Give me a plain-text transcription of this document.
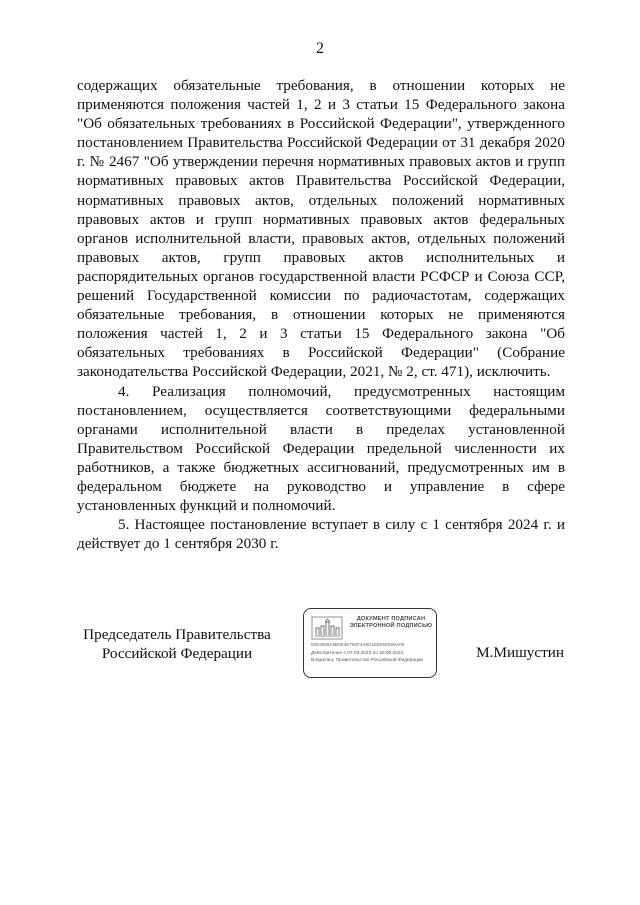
2

содержащих обязательные требования, в отношении которых не применяются положения частей 1, 2 и 3 статьи 15 Федерального закона "Об обязательных требованиях в Российской Федерации", утвержденного постановлением Правительства Российской Федерации от 31 декабря 2020 г. № 2467 "Об утверждении перечня нормативных правовых актов и групп нормативных правовых актов Правительства Российской Федерации, нормативных правовых актов, отдельных положений нормативных правовых актов и групп нормативных правовых актов федеральных органов исполнительной власти, правовых актов, отдельных положений правовых актов, групп правовых актов исполнительных и распорядительных органов государственной власти РСФСР и Союза ССР, решений Государственной комиссии по радиочастотам, содержащих обязательные требования, в отношении которых не применяются положения частей 1, 2 и 3 статьи 15 Федерального закона "Об обязательных требованиях в Российской Федерации" (Собрание законодательства Российской Федерации, 2021, № 2, ст. 471), исключить.

4. Реализация полномочий, предусмотренных настоящим постановлением, осуществляется соответствующими федеральными органами исполнительной власти в пределах установленной Правительством Российской Федерации предельной численности их работников, а также бюджетных ассигнований, предусмотренных им в федеральном бюджете на руководство и управление в сфере установленных функций и полномочий.

5. Настоящее постановление вступает в силу с 1 сентября 2024 г. и действует до 1 сентября 2030 г.

Председатель Правительства
Российской Федерации
ДОКУМЕНТ ПОДПИСАН
ЭЛЕКТРОННОЙ ПОДПИСЬЮ
00E3068A8B0E3E762F4A8C1B3E58D80A09
Действителен с 07.03.2023 по 30.05.2024
Владелец: Правительство Российской Федерации	М.Мишустин
